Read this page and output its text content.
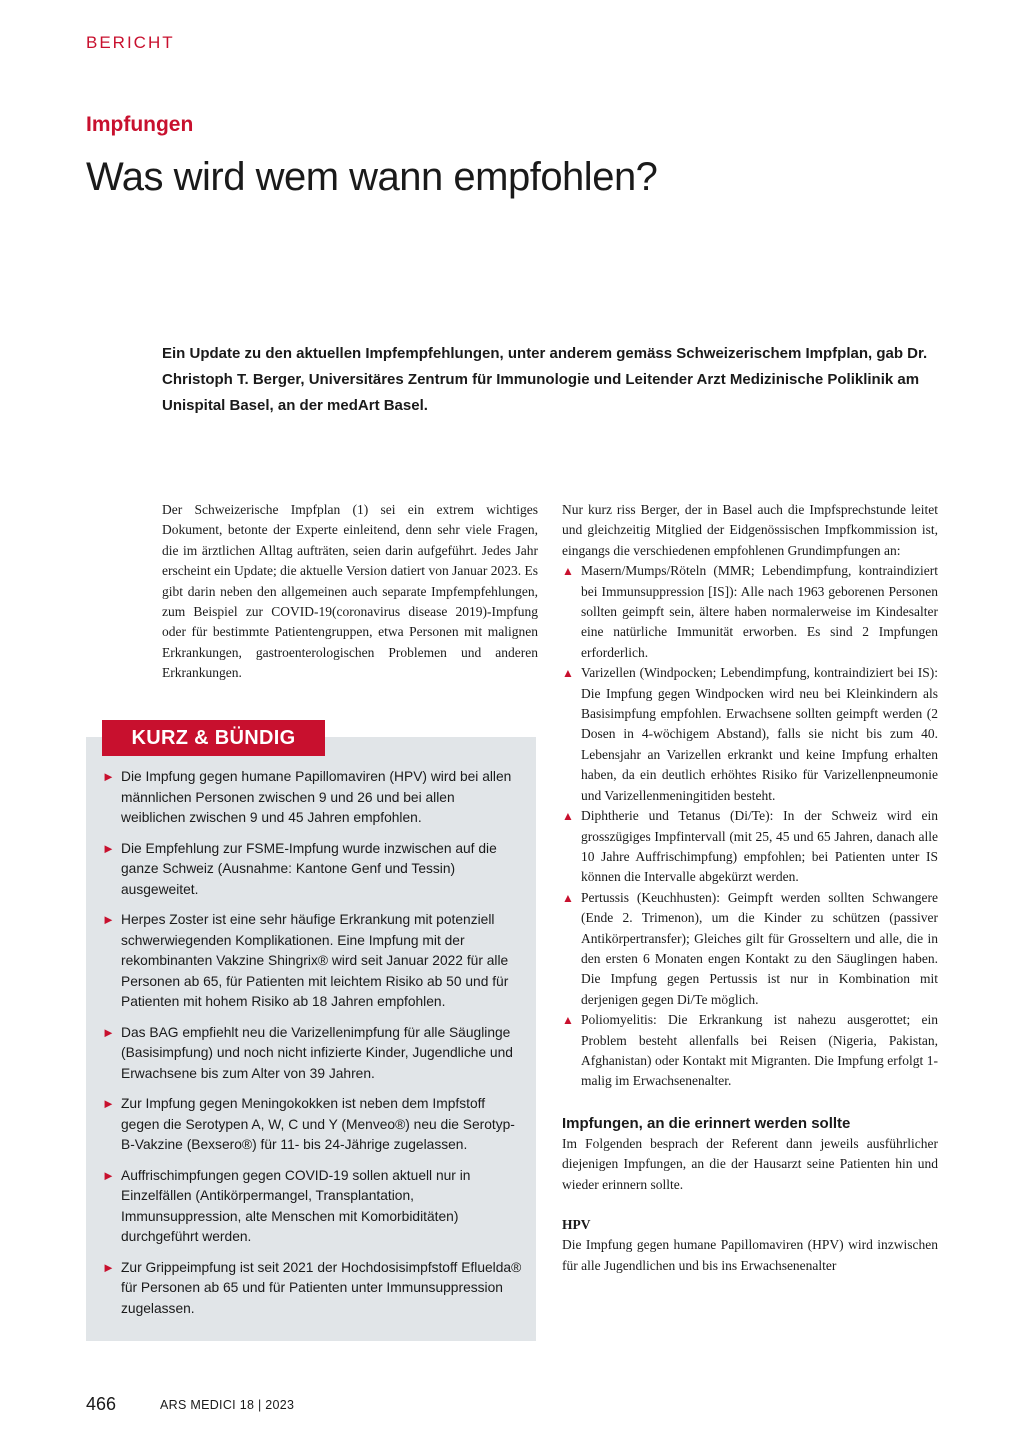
BERICHT
Impfungen
Was wird wem wann empfohlen?

Ein Update zu den aktuellen Impfempfehlungen, unter anderem gemäss Schweizerischem Impfplan, gab Dr. Christoph T. Berger, Universitäres Zentrum für Immunologie und Leitender Arzt Medizinische Poliklinik am Unispital Basel, an der medArt Basel.

Der Schweizerische Impfplan (1) sei ein extrem wichtiges Dokument, betonte der Experte einleitend, denn sehr viele Fragen, die im ärztlichen Alltag aufträten, seien darin aufgeführt. Jedes Jahr erscheint ein Update; die aktuelle Version datiert von Januar 2023. Es gibt darin neben den allgemeinen auch separate Impfempfehlungen, zum Beispiel zur COVID-19(coronavirus disease 2019)-Impfung oder für bestimmte Patientengruppen, etwa Personen mit malignen Erkrankungen, gastroenterologischen Problemen und anderen Erkrankungen.

KURZ & BÜNDIG
► Die Impfung gegen humane Papillomaviren (HPV) wird bei allen männlichen Personen zwischen 9 und 26 und bei allen weiblichen zwischen 9 und 45 Jahren empfohlen.
► Die Empfehlung zur FSME-Impfung wurde inzwischen auf die ganze Schweiz (Ausnahme: Kantone Genf und Tessin) ausgeweitet.
► Herpes Zoster ist eine sehr häufige Erkrankung mit potenziell schwerwiegenden Komplikationen. Eine Impfung mit der rekombinanten Vakzine Shingrix® wird seit Januar 2022 für alle Personen ab 65, für Patienten mit leichtem Risiko ab 50 und für Patienten mit hohem Risiko ab 18 Jahren empfohlen.
► Das BAG empfiehlt neu die Varizellenimpfung für alle Säuglinge (Basisimpfung) und noch nicht infizierte Kinder, Jugendliche und Erwachsene bis zum Alter von 39 Jahren.
► Zur Impfung gegen Meningokokken ist neben dem Impfstoff gegen die Serotypen A, W, C und Y (Menveo®) neu die Serotyp-B-Vakzine (Bexsero®) für 11- bis 24-Jährige zugelassen.
► Auffrischimpfungen gegen COVID-19 sollen aktuell nur in Einzelfällen (Antikörpermangel, Transplantation, Immunsuppression, alte Menschen mit Komorbiditäten) durchgeführt werden.
► Zur Grippeimpfung ist seit 2021 der Hochdosisimpfstoff Efluelda® für Personen ab 65 und für Patienten unter Immunsuppression zugelassen.

Nur kurz riss Berger, der in Basel auch die Impfsprechstunde leitet und gleichzeitig Mitglied der Eidgenössischen Impfkommission ist, eingangs die verschiedenen empfohlenen Grundimpfungen an:

▲ Masern/Mumps/Röteln (MMR; Lebendimpfung, kontraindiziert bei Immunsuppression [IS]): Alle nach 1963 geborenen Personen sollten geimpft sein, ältere haben normalerweise im Kindesalter eine natürliche Immunität erworben. Es sind 2 Impfungen erforderlich.
▲ Varizellen (Windpocken; Lebendimpfung, kontraindiziert bei IS): Die Impfung gegen Windpocken wird neu bei Kleinkindern als Basisimpfung empfohlen. Erwachsene sollten geimpft werden (2 Dosen in 4-wöchigem Abstand), falls sie nicht bis zum 40. Lebensjahr an Varizellen erkrankt und keine Impfung erhalten haben, da ein deutlich erhöhtes Risiko für Varizellenpneumonie und Varizellenmeningitiden besteht.
▲ Diphtherie und Tetanus (Di/Te): In der Schweiz wird ein grosszügiges Impfintervall (mit 25, 45 und 65 Jahren, danach alle 10 Jahre Auffrischimpfung) empfohlen; bei Patienten unter IS können die Intervalle abgekürzt werden.
▲ Pertussis (Keuchhusten): Geimpft werden sollten Schwangere (Ende 2. Trimenon), um die Kinder zu schützen (passiver Antikörpertransfer); Gleiches gilt für Grosseltern und alle, die in den ersten 6 Monaten engen Kontakt zu den Säuglingen haben. Die Impfung gegen Pertussis ist nur in Kombination mit derjenigen gegen Di/Te möglich.
▲ Poliomyelitis: Die Erkrankung ist nahezu ausgerottet; ein Problem besteht allenfalls bei Reisen (Nigeria, Pakistan, Afghanistan) oder Kontakt mit Migranten. Die Impfung erfolgt 1-malig im Erwachsenenalter.
Impfungen, an die erinnert werden sollte

Im Folgenden besprach der Referent dann jeweils ausführlicher diejenigen Impfungen, an die der Hausarzt seine Patienten hin und wieder erinnern sollte.

HPV

Die Impfung gegen humane Papillomaviren (HPV) wird inzwischen für alle Jugendlichen und bis ins Erwachsenenalter

466	ARS MEDICI 18 | 2023
